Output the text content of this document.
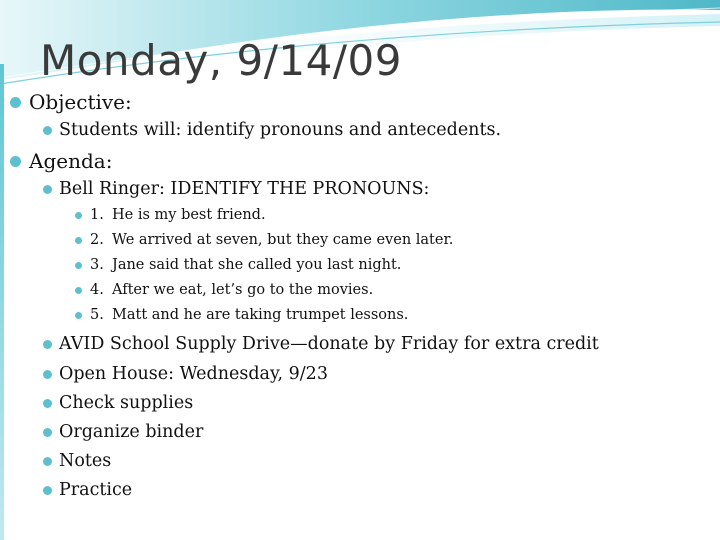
Monday, 9/14/09
Objective:
Students will: identify pronouns and antecedents.
Agenda:
Bell Ringer: IDENTIFY THE PRONOUNS:
1. He is my best friend.
2. We arrived at seven, but they came even later.
3. Jane said that she called you last night.
4. After we eat, let’s go to the movies.
5. Matt and he are taking trumpet lessons.
AVID School Supply Drive—donate by Friday for extra credit
Open House: Wednesday, 9/23
Check supplies
Organize binder
Notes
Practice
